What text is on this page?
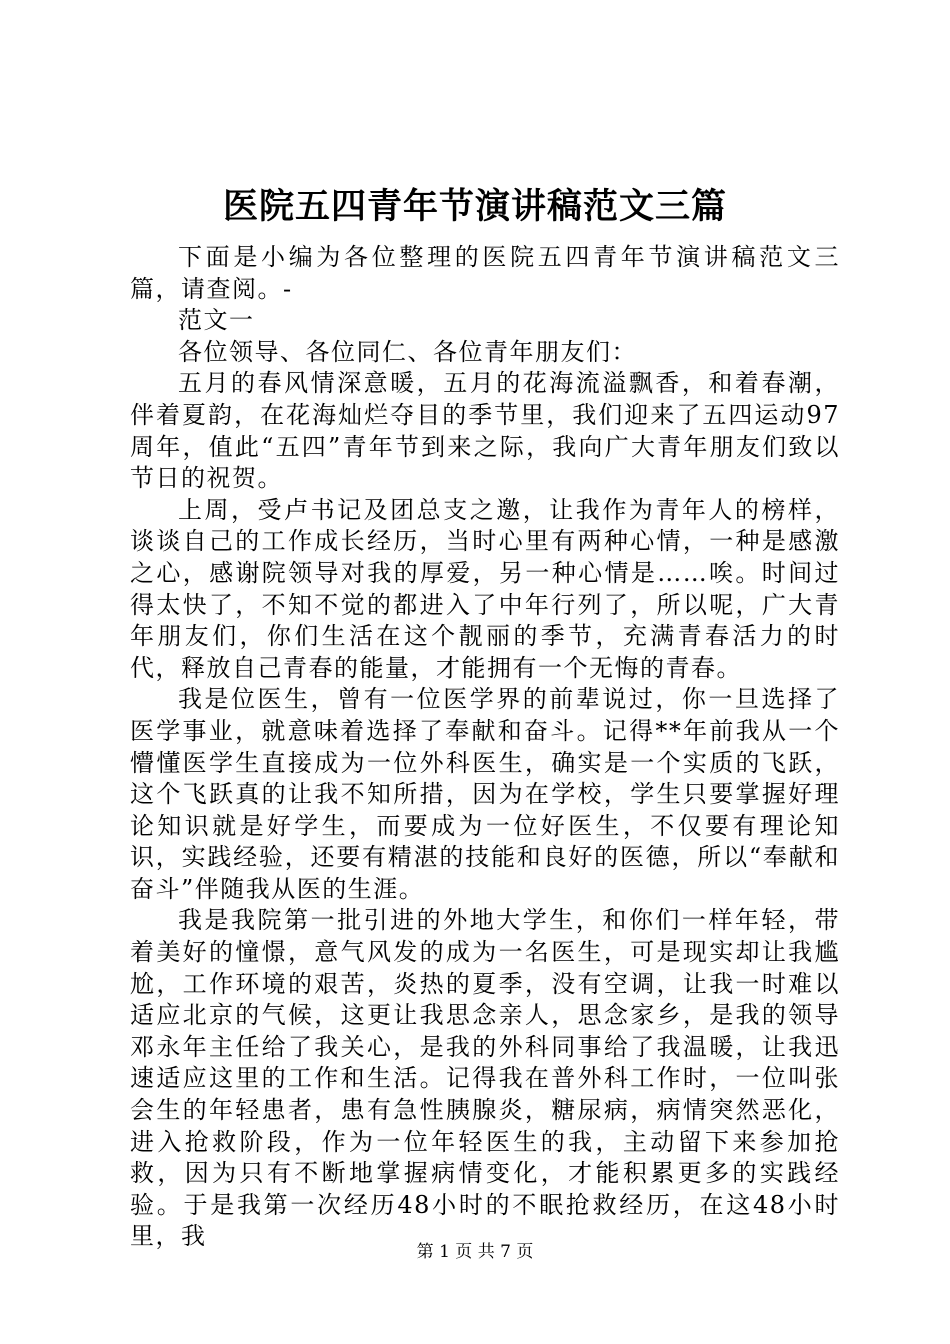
医院五四青年节演讲稿范文三篇

下面是小编为各位整理的医院五四青年节演讲稿范文三篇，请查阅。-

范文一

各位领导、各位同仁、各位青年朋友们：

五月的春风情深意暖，五月的花海流溢飘香，和着春潮，伴着夏韵，在花海灿烂夺目的季节里，我们迎来了五四运动97周年，值此“五四”青年节到来之际，我向广大青年朋友们致以节日的祝贺。

上周，受卢书记及团总支之邀，让我作为青年人的榜样，谈谈自己的工作成长经历，当时心里有两种心情，一种是感激之心，感谢院领导对我的厚爱，另一种心情是……唉。时间过得太快了，不知不觉的都进入了中年行列了，所以呢，广大青年朋友们，你们生活在这个靓丽的季节，充满青春活力的时代，释放自己青春的能量，才能拥有一个无悔的青春。

我是位医生，曾有一位医学界的前辈说过，你一旦选择了医学事业，就意味着选择了奉献和奋斗。记得**年前我从一个懵懂医学生直接成为一位外科医生，确实是一个实质的飞跃，这个飞跃真的让我不知所措，因为在学校，学生只要掌握好理论知识就是好学生，而要成为一位好医生，不仅要有理论知识，实践经验，还要有精湛的技能和良好的医德，所以“奉献和奋斗”伴随我从医的生涯。

我是我院第一批引进的外地大学生，和你们一样年轻，带着美好的憧憬，意气风发的成为一名医生，可是现实却让我尴尬，工作环境的艰苦，炎热的夏季，没有空调，让我一时难以适应北京的气候，这更让我思念亲人，思念家乡，是我的领导邓永年主任给了我关心，是我的外科同事给了我温暖，让我迅速适应这里的工作和生活。记得我在普外科工作时，一位叫张会生的年轻患者，患有急性胰腺炎，糖尿病，病情突然恶化，进入抢救阶段，作为一位年轻医生的我，主动留下来参加抢救，因为只有不断地掌握病情变化，才能积累更多的实践经验。于是我第一次经历48小时的不眠抢救经历，在这48小时里，我

第 1 页 共 7 页
